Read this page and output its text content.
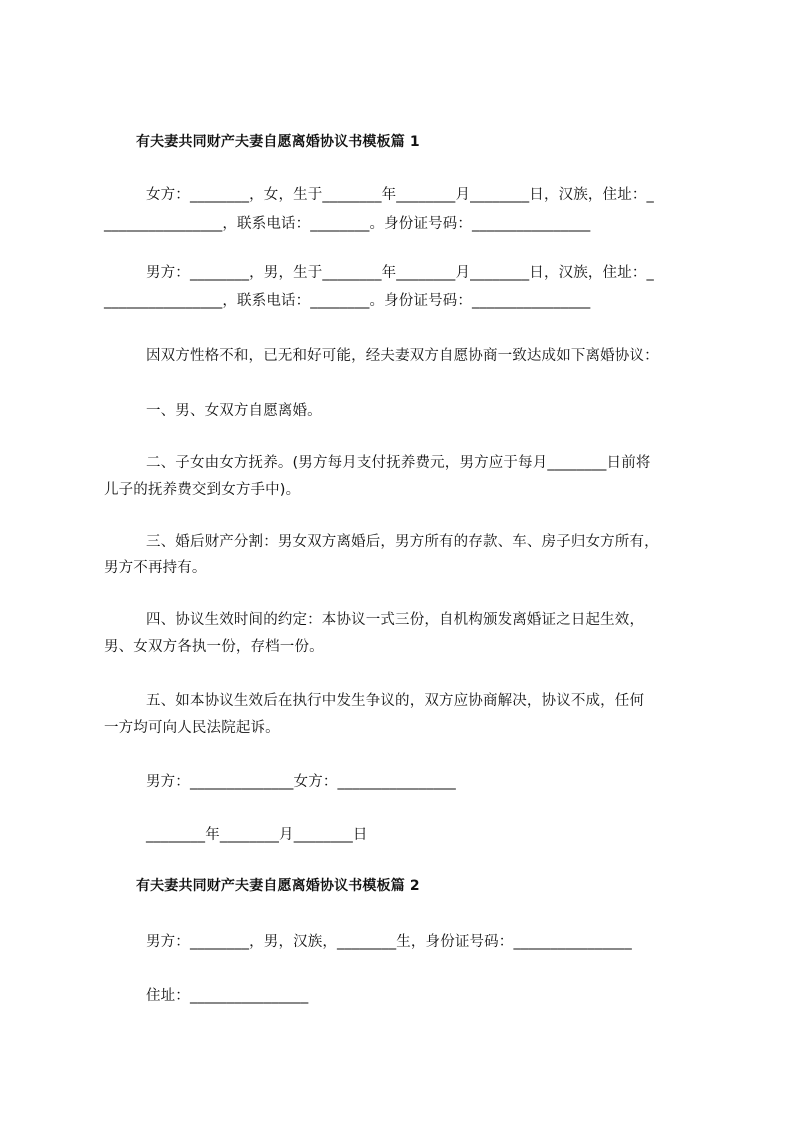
有夫妻共同财产夫妻自愿离婚协议书模板篇 1
女方：________，女，生于________年________月________日，汉族，住址：_
________________，联系电话：________。身份证号码：________________
男方：________，男，生于________年________月________日，汉族，住址：_
________________，联系电话：________。身份证号码：________________
因双方性格不和，已无和好可能，经夫妻双方自愿协商一致达成如下离婚协议：
一、男、女双方自愿离婚。
二、子女由女方抚养。(男方每月支付抚养费元，男方应于每月________日前将
儿子的抚养费交到女方手中)。
三、婚后财产分割：男女双方离婚后，男方所有的存款、车、房子归女方所有，
男方不再持有。
四、协议生效时间的约定：本协议一式三份，自机构颁发离婚证之日起生效，
男、女双方各执一份，存档一份。
五、如本协议生效后在执行中发生争议的，双方应协商解决，协议不成，任何
一方均可向人民法院起诉。
男方：______________女方：________________
________年________月________日
有夫妻共同财产夫妻自愿离婚协议书模板篇 2
男方：________，男，汉族，________生，身份证号码：________________
住址：________________
